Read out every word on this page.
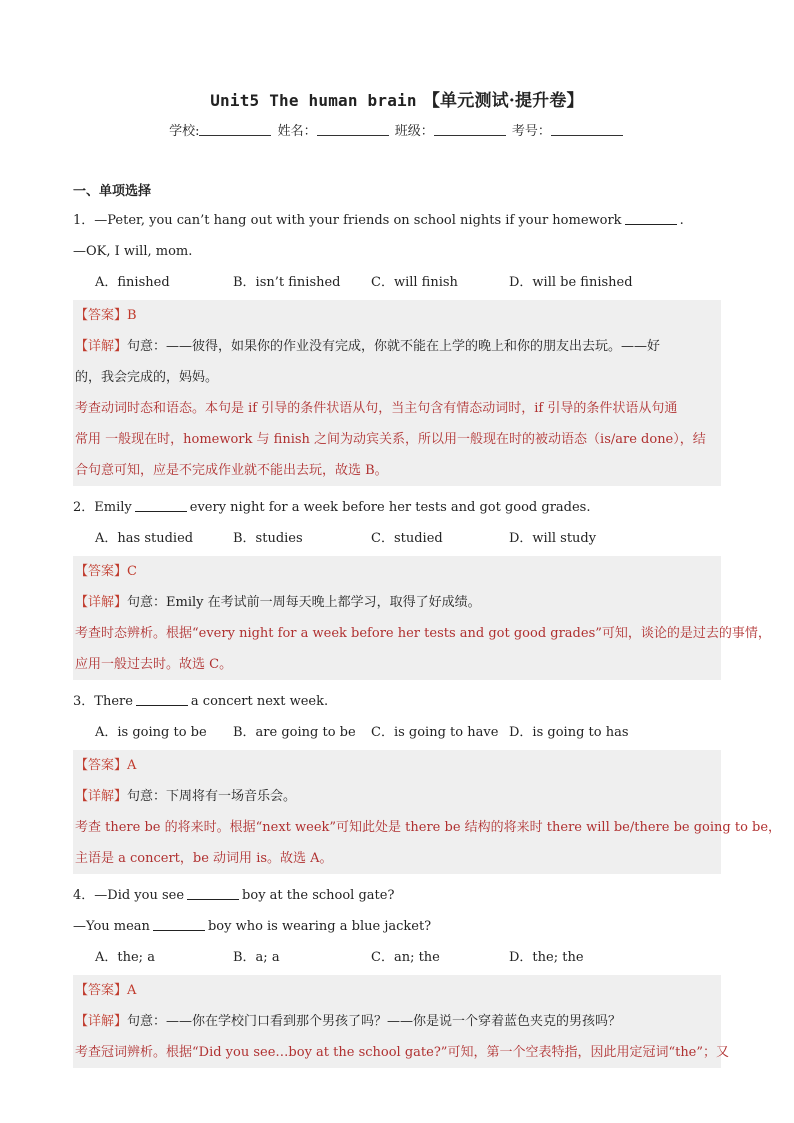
Unit5 The human brain 【单元测试·提升卷】
学校:	姓名：	班级：	考号：
一、单项选择
1．—Peter, you can’t hang out with your friends on school nights if your homework	.
—OK, I will, mom.
A．finished	B．isn’t finished	C．will finish	D．will be finished
【答案】B
【详解】句意：——彼得，如果你的作业没有完成，你就不能在上学的晚上和你的朋友出去玩。——好
的，我会完成的，妈妈。
考查动词时态和语态。本句是 if 引导的条件状语从句，当主句含有情态动词时，if 引导的条件状语从句通
常用 一般现在时，homework 与 finish 之间为动宾关系，所以用一般现在时的被动语态（is/are done），结
合句意可知，应是不完成作业就不能出去玩，故选 B。
2．Emily	every night for a week before her tests and got good grades.
A．has studied	B．studies	C．studied	D．will study
【答案】C
【详解】句意：Emily 在考试前一周每天晚上都学习，取得了好成绩。
考查时态辨析。根据“every night for a week before her tests and got good grades”可知，谈论的是过去的事情，
应用一般过去时。故选 C。
3．There	a concert next week.
A．is going to be	B．are going to be	C．is going to have D．is going to has
【答案】A
【详解】句意：下周将有一场音乐会。
考查 there be 的将来时。根据“next week”可知此处是 there be 结构的将来时 there will be/there be going to be，
主语是 a concert，be 动词用 is。故选 A。
4．—Did you see	boy at the school gate?
—You mean	boy who is wearing a blue jacket?
A．the; a	B．a; a	C．an; the	D．the; the
【答案】A
【详解】句意：——你在学校门口看到那个男孩了吗？——你是说一个穿着蓝色夹克的男孩吗？
考查冠词辨析。根据“Did you see…boy at the school gate?”可知，第一个空表特指，因此用定冠词“the”；又
